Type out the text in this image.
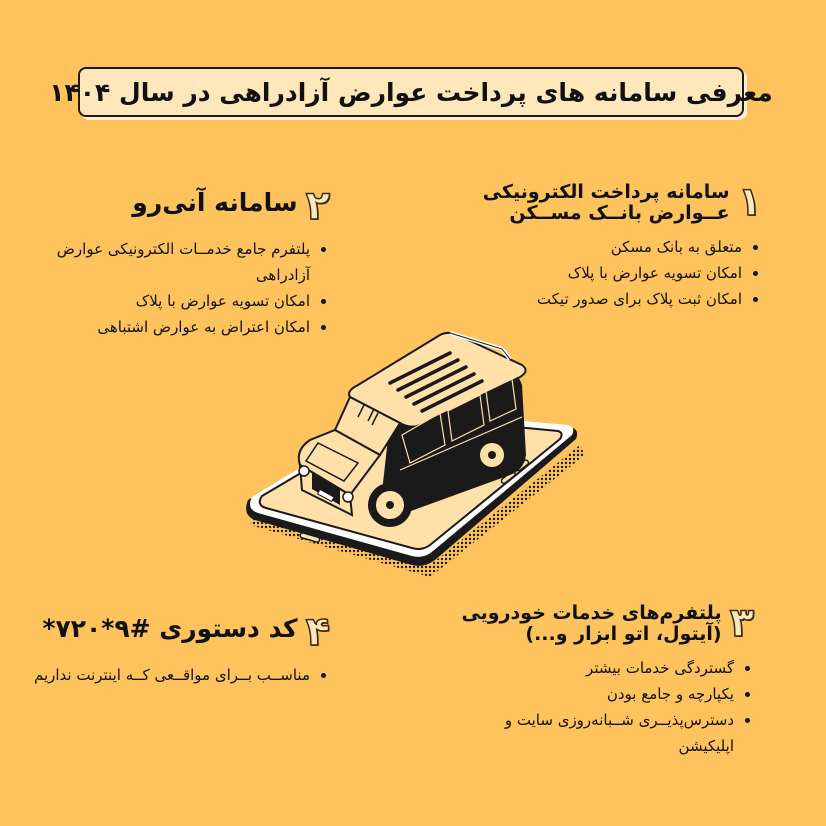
معرفی سامانه های پرداخت عوارض آزادراهی در سال ۱۴۰۴
۱
سامانه پرداخت الکترونیکی عــوارض بانــک مســکن
متعلق به بانک مسکن
امکان تسویه عوارض با پلاک
امکان ثبت پلاک برای صدور تیکت
۲
سامانه آنی‌رو
پلتفرم جامع خدمــات الکترونیکی عوارض آزادراهی
امکان تسویه عوارض با پلاک
امکان اعتراض به عوارض اشتباهی
۳
پلتفرم‌های خدمات خودرویی (آیتول، اتو ابزار و...)
گستردگی خدمات بیشتر
یکپارچه و جامع بودن
دسترس‌پذیــری شــبانه‌روزی سایت و اپلیکیشن
۴
کد دستوری #۹*۷۲۰*
مناســب بــرای مواقــعی کــه اینترنت نداریم
